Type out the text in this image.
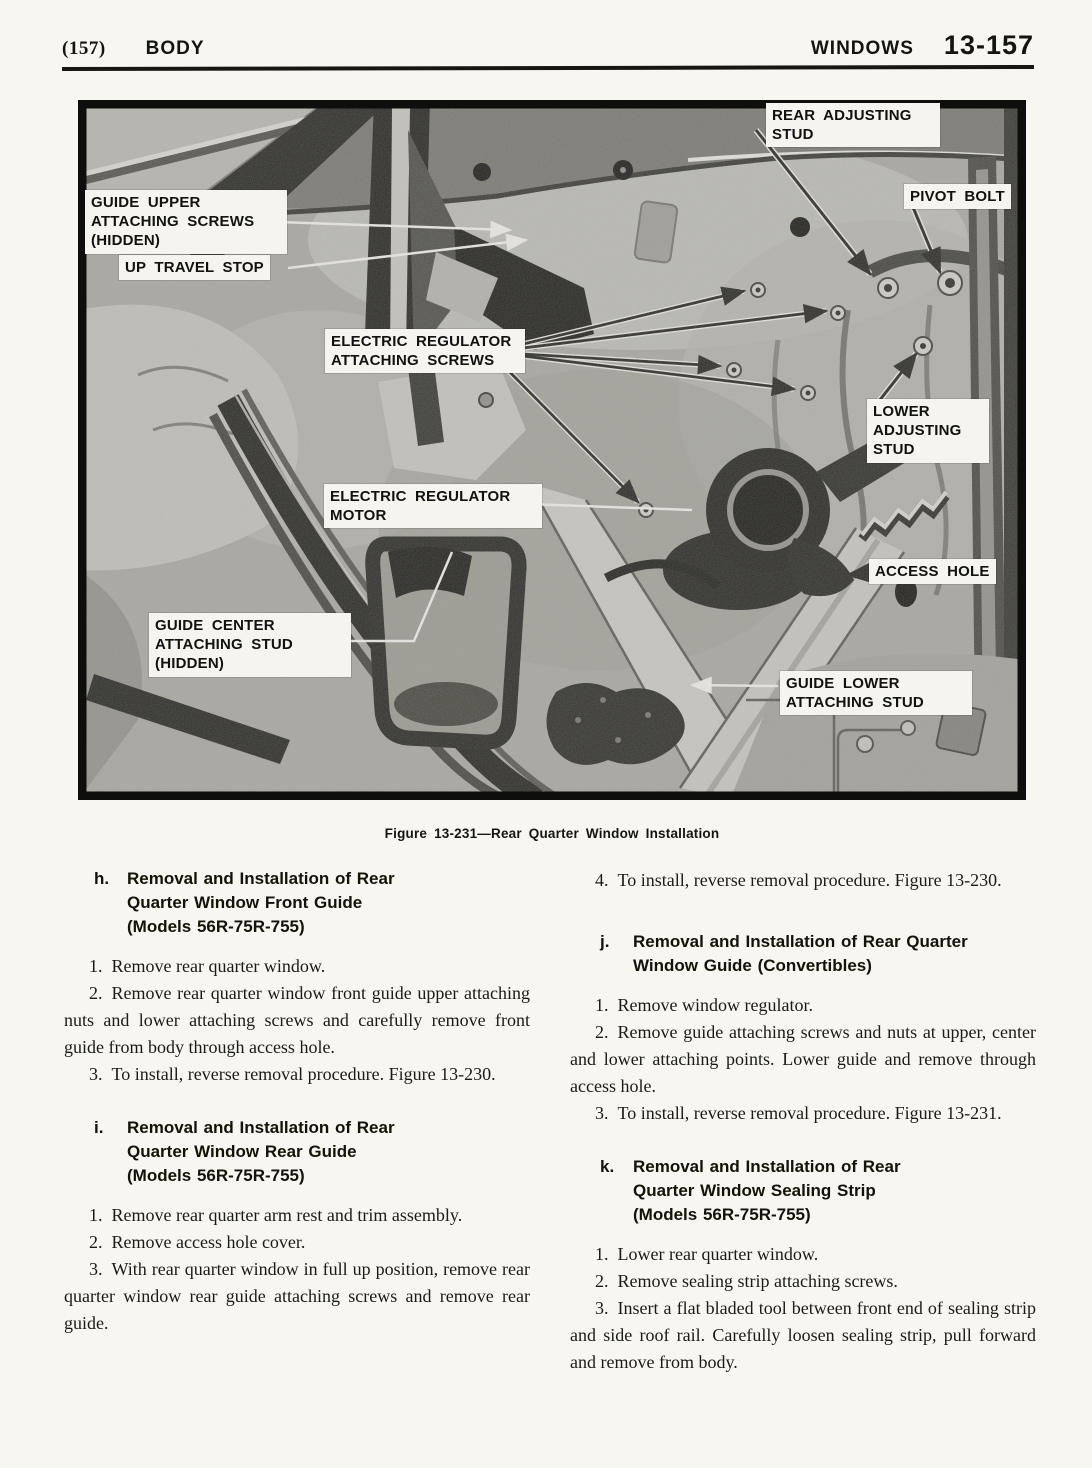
(157) BODY	WINDOWS 13-157
REAR ADJUSTING STUD
PIVOT BOLT
GUIDE UPPER ATTACHING SCREWS (HIDDEN)
UP TRAVEL STOP
ELECTRIC REGULATOR ATTACHING SCREWS
LOWER ADJUSTING STUD
ELECTRIC REGULATOR MOTOR
ACCESS HOLE
GUIDE CENTER ATTACHING STUD (HIDDEN)
GUIDE LOWER ATTACHING STUD
Figure 13-231—Rear Quarter Window Installation
h. Removal and Installation of Rear
Quarter Window Front Guide
(Models 56R-75R-755)

1. Remove rear quarter window.

2. Remove rear quarter window front guide upper attaching nuts and lower attaching screws and carefully remove front guide from body through access hole.

3. To install, reverse removal procedure. Figure 13-230.

i. Removal and Installation of Rear
Quarter Window Rear Guide
(Models 56R-75R-755)

1. Remove rear quarter arm rest and trim assembly.

2. Remove access hole cover.

3. With rear quarter window in full up position, remove rear quarter window rear guide attaching screws and remove rear guide.

4. To install, reverse removal procedure. Figure 13-230.

j. Removal and Installation of Rear Quarter
Window Guide (Convertibles)

1. Remove window regulator.

2. Remove guide attaching screws and nuts at upper, center and lower attaching points. Lower guide and remove through access hole.

3. To install, reverse removal procedure. Figure 13-231.

k. Removal and Installation of Rear
Quarter Window Sealing Strip
(Models 56R-75R-755)

1. Lower rear quarter window.

2. Remove sealing strip attaching screws.

3. Insert a flat bladed tool between front end of sealing strip and side roof rail. Carefully loosen sealing strip, pull forward and remove from body.
